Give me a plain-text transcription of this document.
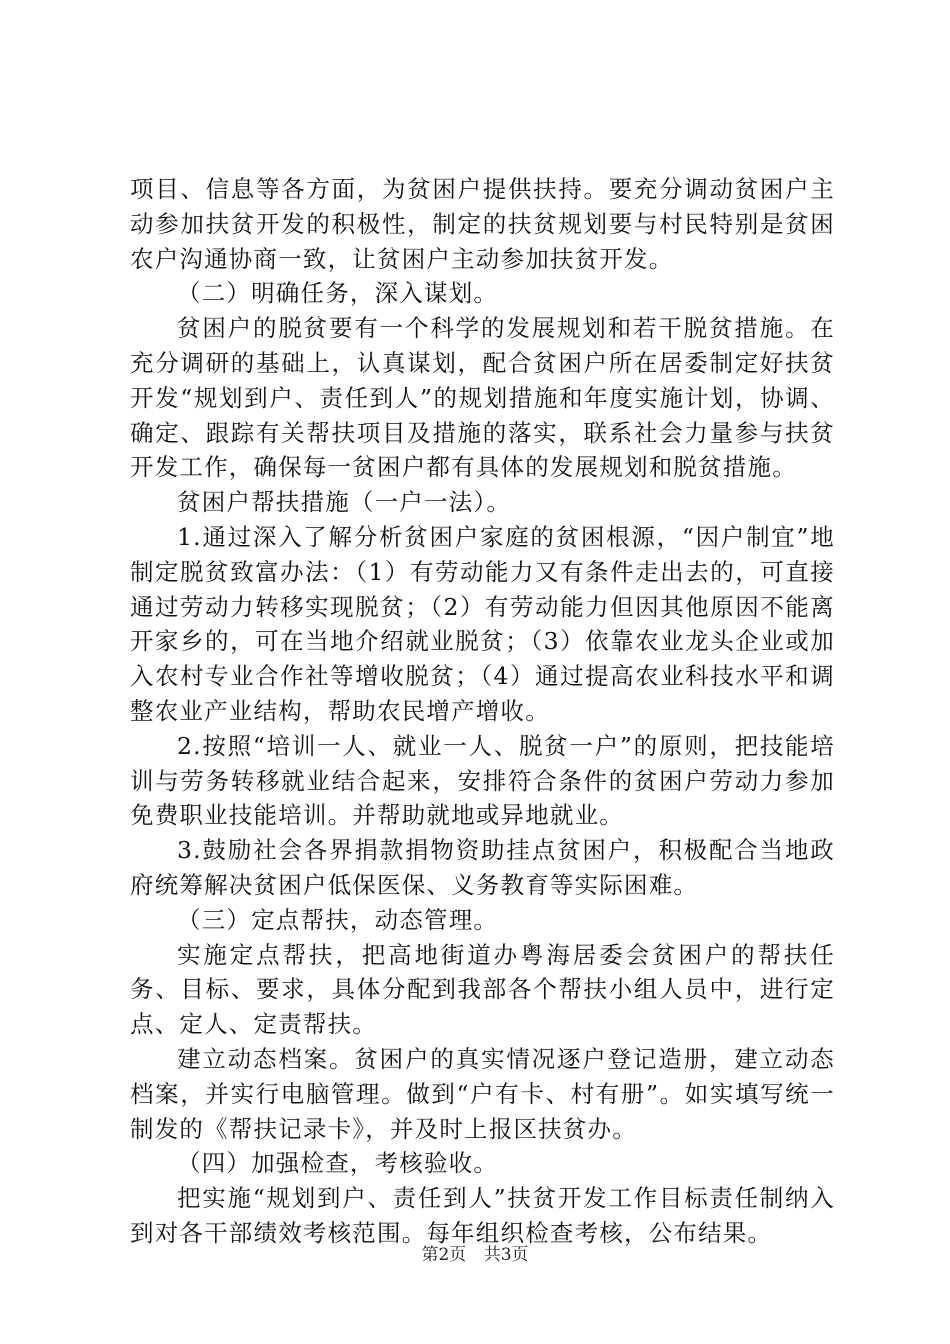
项目、信息等各方面，为贫困户提供扶持。要充分调动贫困户主动参加扶贫开发的积极性，制定的扶贫规划要与村民特别是贫困农户沟通协商一致，让贫困户主动参加扶贫开发。

（二）明确任务，深入谋划。

贫困户的脱贫要有一个科学的发展规划和若干脱贫措施。在充分调研的基础上，认真谋划，配合贫困户所在居委制定好扶贫开发“规划到户、责任到人”的规划措施和年度实施计划，协调、确定、跟踪有关帮扶项目及措施的落实，联系社会力量参与扶贫开发工作，确保每一贫困户都有具体的发展规划和脱贫措施。

贫困户帮扶措施（一户一法）。

1.通过深入了解分析贫困户家庭的贫困根源，“因户制宜”地制定脱贫致富办法：（1）有劳动能力又有条件走出去的，可直接通过劳动力转移实现脱贫；（2）有劳动能力但因其他原因不能离开家乡的，可在当地介绍就业脱贫；（3）依靠农业龙头企业或加入农村专业合作社等增收脱贫；（4）通过提高农业科技水平和调整农业产业结构，帮助农民增产增收。

2.按照“培训一人、就业一人、脱贫一户”的原则，把技能培训与劳务转移就业结合起来，安排符合条件的贫困户劳动力参加免费职业技能培训。并帮助就地或异地就业。

3.鼓励社会各界捐款捐物资助挂点贫困户，积极配合当地政府统筹解决贫困户低保医保、义务教育等实际困难。

（三）定点帮扶，动态管理。

实施定点帮扶，把高地街道办粤海居委会贫困户的帮扶任务、目标、要求，具体分配到我部各个帮扶小组人员中，进行定点、定人、定责帮扶。

建立动态档案。贫困户的真实情况逐户登记造册，建立动态档案，并实行电脑管理。做到“户有卡、村有册”。如实填写统一制发的《帮扶记录卡》，并及时上报区扶贫办。

（四）加强检查，考核验收。

把实施“规划到户、责任到人”扶贫开发工作目标责任制纳入到对各干部绩效考核范围。每年组织检查考核，公布结果。

第2页 共3页
